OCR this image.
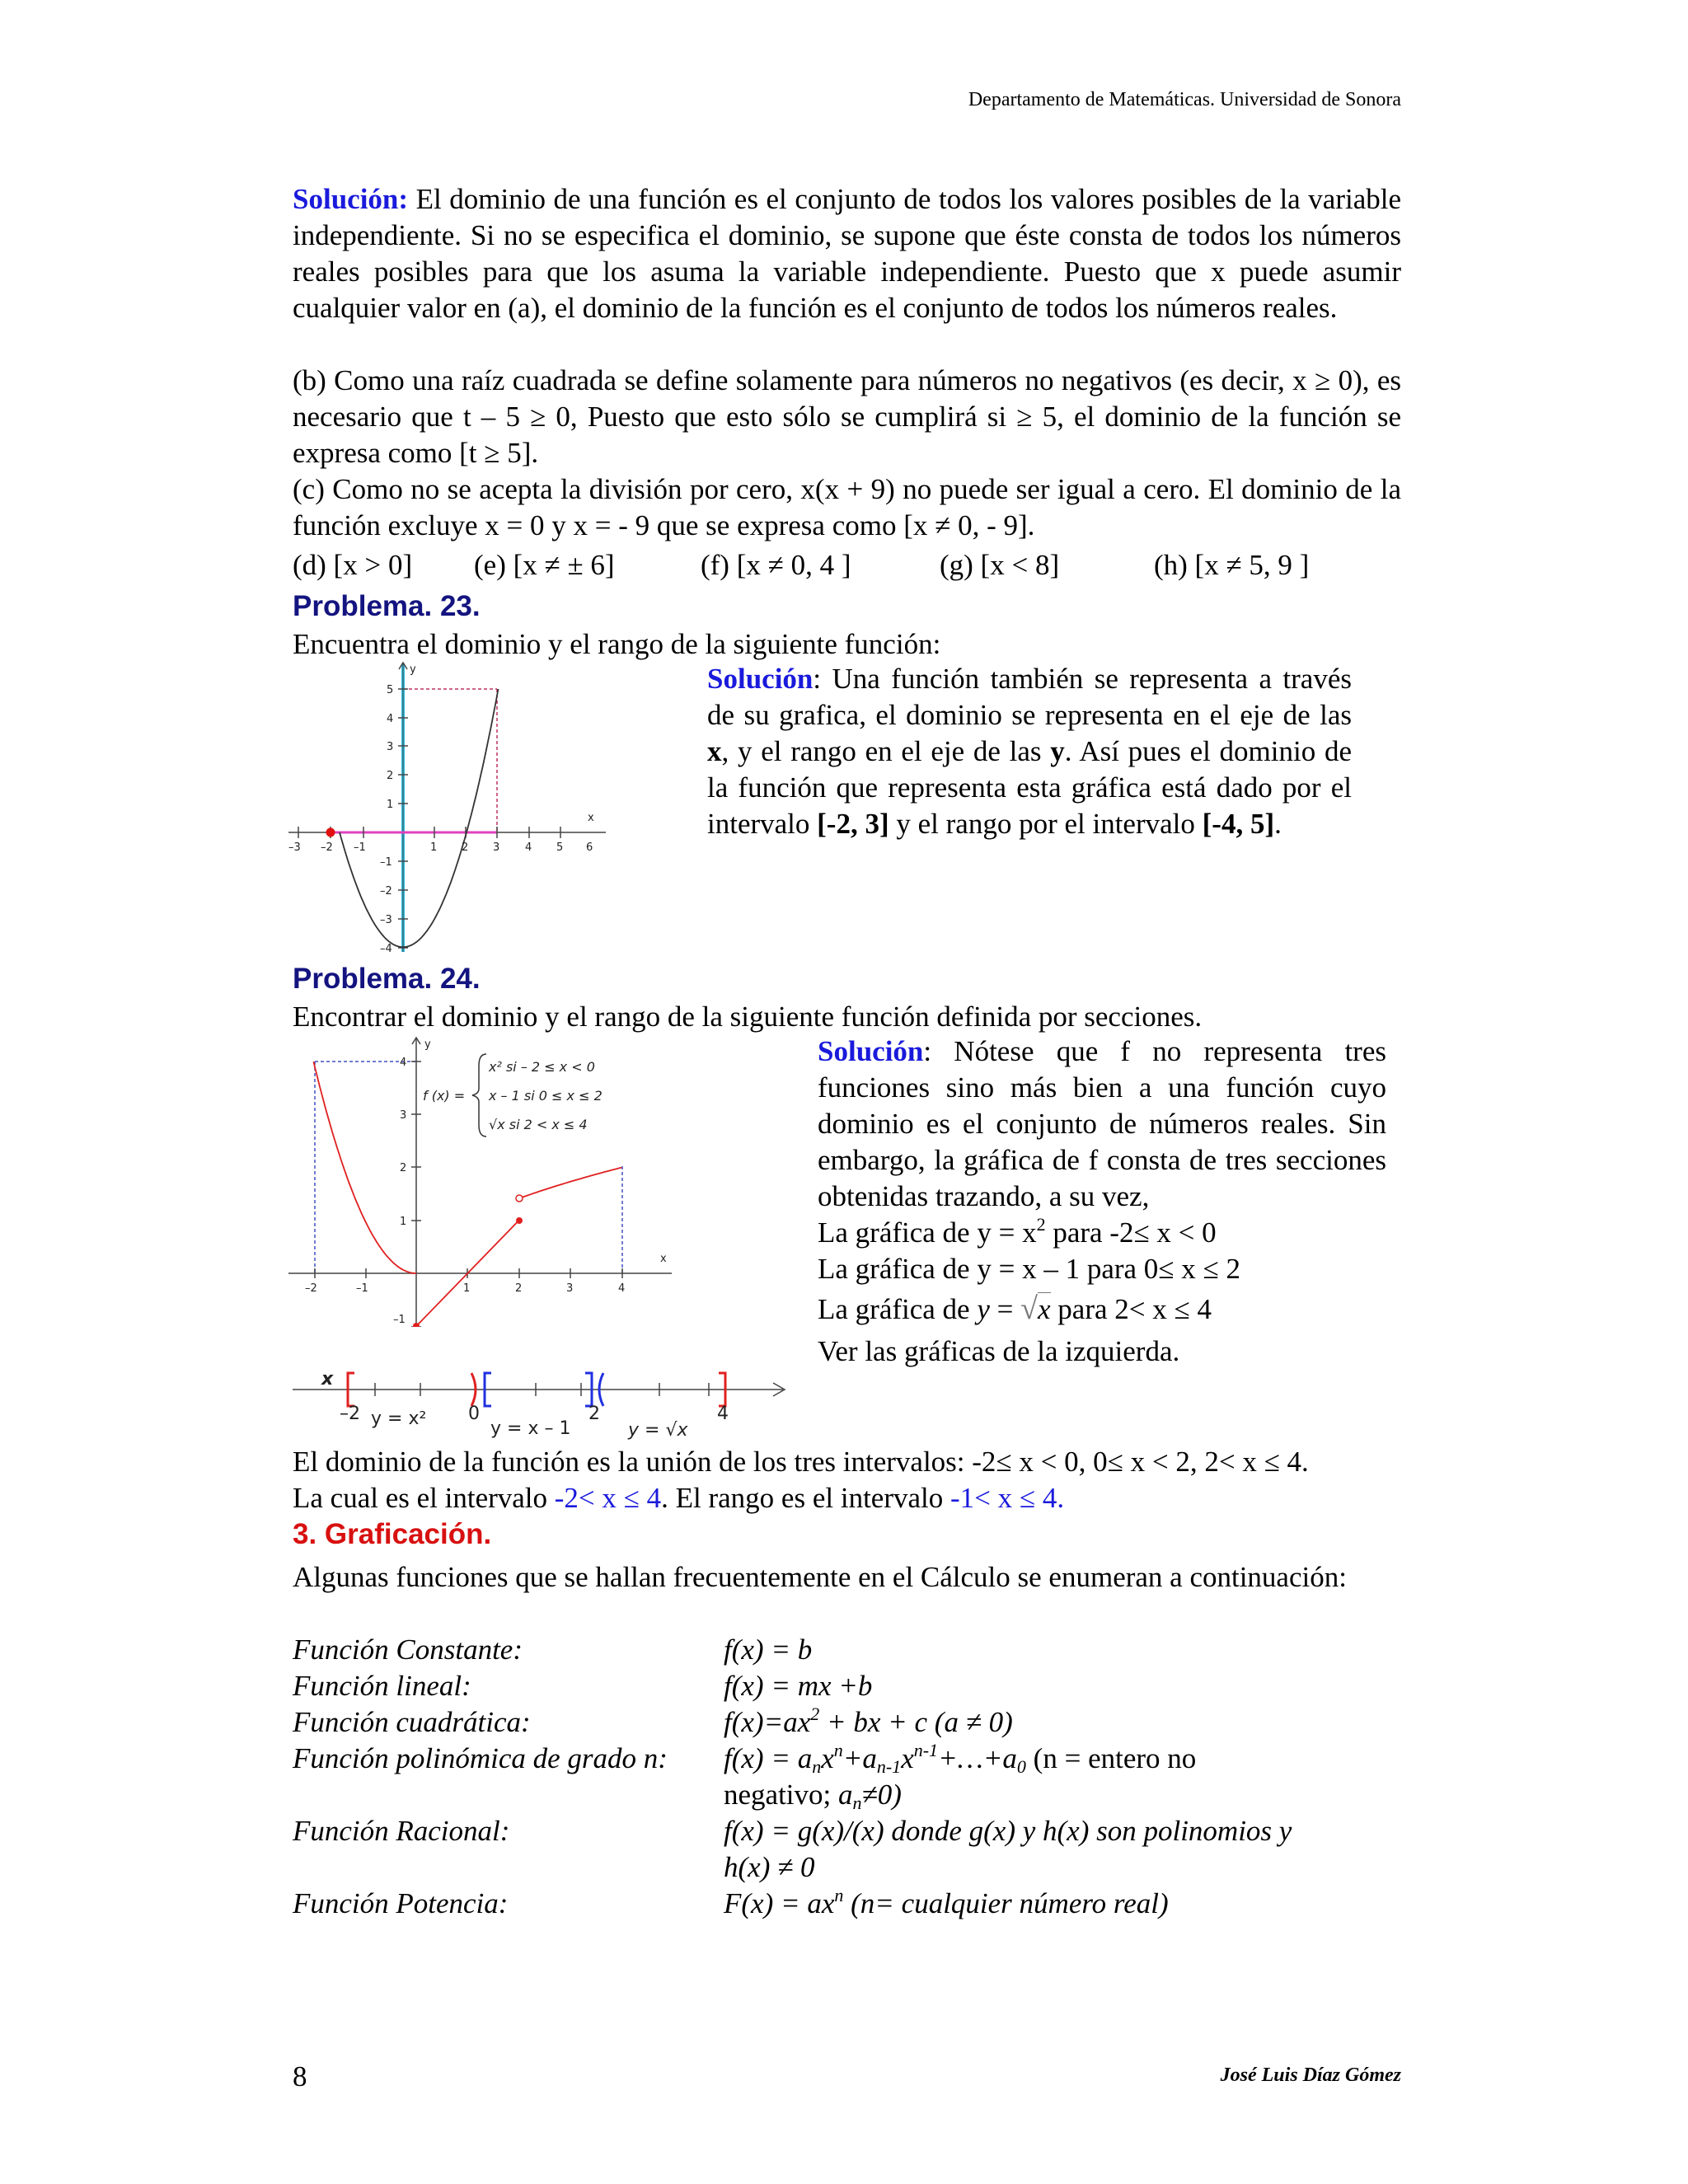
Departamento de Matemáticas. Universidad de Sonora
Solución: El dominio de una función es el conjunto de todos los valores posibles de la variable independiente. Si no se especifica el dominio, se supone que éste consta de todos los números reales posibles para que los asuma la variable independiente. Puesto que x puede asumir cualquier valor en (a), el dominio de la función es el conjunto de todos los números reales.
(b) Como una raíz cuadrada se define solamente para números no negativos (es decir, x ≥ 0), es necesario que t – 5 ≥ 0, Puesto que esto sólo se cumplirá si ≥ 5, el dominio de la función se expresa como [t ≥ 5].
(c) Como no se acepta la división por cero, x(x + 9) no puede ser igual a cero. El dominio de la función excluye x = 0 y x = - 9 que se expresa como [x ≠ 0, - 9].
(d) [x > 0] (e) [x ≠ ± 6]	(f) [x ≠ 0, 4 ]	(g) [x < 8]	(h) [x ≠ 5, 9 ]
Problema. 23.
Encuentra el dominio y el rango de la siguiente función:
–3 –2 –1	1 2 3 4 5 6
5
4
3
2
1
–1
–2
–3
–4
y
x
Solución: Una función también se representa a través de su grafica, el dominio se representa en el eje de las x, y el rango en el eje de las y. Así pues el dominio de la función que representa esta gráfica está dado por el intervalo [-2, 3] y el rango por el intervalo [-4, 5].
Problema. 24.
Encontrar el dominio y el rango de la siguiente función definida por secciones.
f (x) =
x² si – 2 ≤ x < 0
x – 1 si 0 ≤ x ≤ 2
√x si 2 < x ≤ 4
–2	–1	1	2	3	4
4
3
2
1
–1
y
x
x
–2	0	2	4
y = x²	y = x – 1	y = √x
Solución: Nótese que f no representa tres funciones sino más bien a una función cuyo dominio es el conjunto de números reales. Sin embargo, la gráfica de f consta de tres secciones obtenidas trazando, a su vez,
La gráfica de $y = x^2$ para -2≤ x < 0
La gráfica de y = x – 1 para 0≤ x ≤ 2
La gráfica de y = √x para 2< x ≤ 4
Ver las gráficas de la izquierda.
El dominio de la función es la unión de los tres intervalos: -2≤ x < 0, 0≤ x < 2, 2< x ≤ 4.
La cual es el intervalo -2< x ≤ 4. El rango es el intervalo -1< x ≤ 4.
3. Graficación.
Algunas funciones que se hallan frecuentemente en el Cálculo se enumeran a continuación:
Función Constante:	f(x) = b
Función lineal:	f(x) = mx +b
Función cuadrática:	$f(x)=ax^2$ + bx + c (a ≠ 0)
Función polinómica de grado n: $f(x) = a_nx^n+a_{n-1}x^{n-1}+\dots+a_0$ (n = entero no
negativo; $a_n\ne 0$)
Función Racional:	f(x) = g(x)/(x) donde g(x) y h(x) son polinomios y
h(x) ≠ 0
Función Potencia:	$F(x) = ax^n$ (n= cualquier número real)
8	José Luis Díaz Gómez
